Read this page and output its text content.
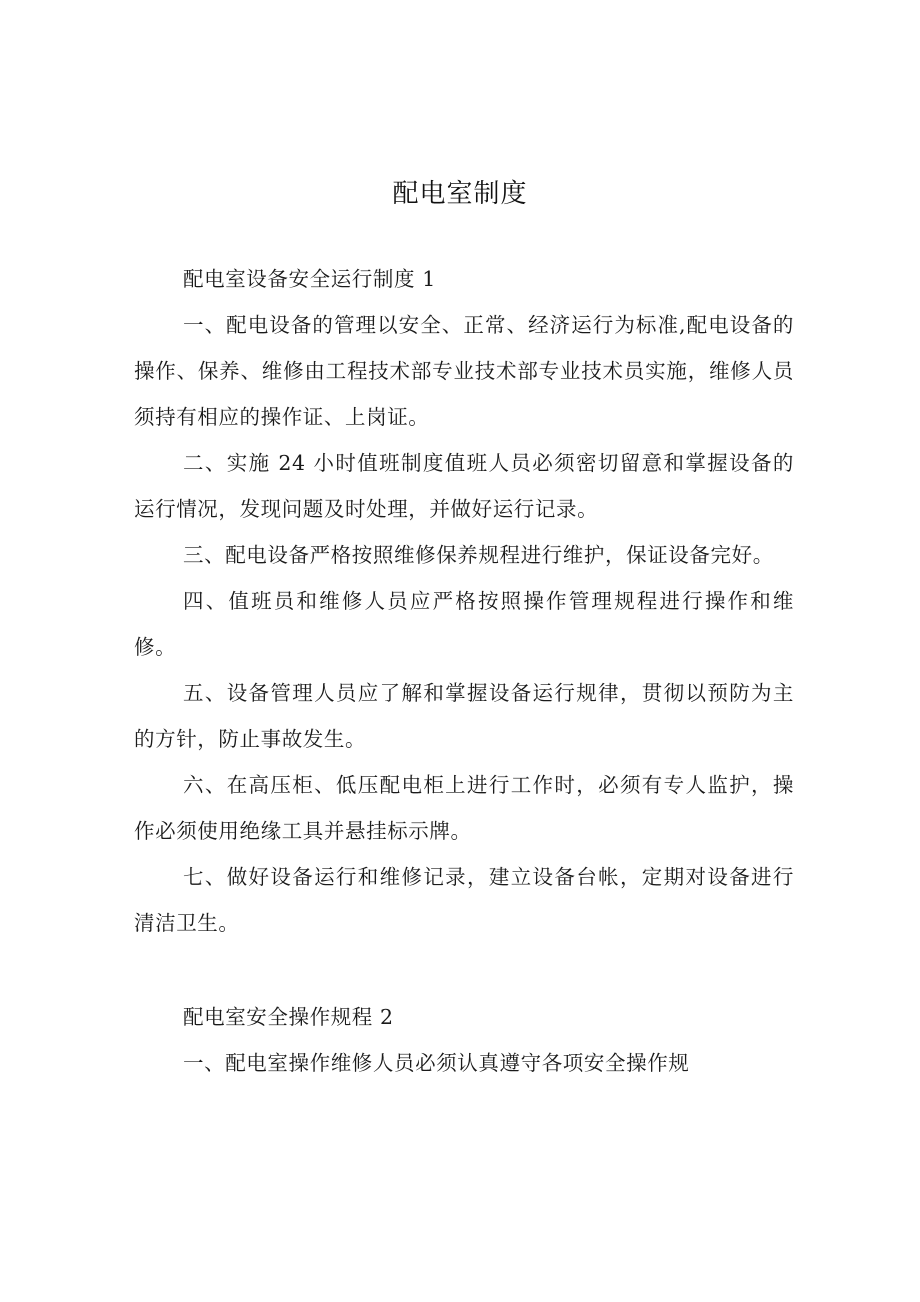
配电室制度

配电室设备安全运行制度 1

一、配电设备的管理以安全、正常、经济运行为标准,配电设备的操作、保养、维修由工程技术部专业技术部专业技术员实施，维修人员须持有相应的操作证、上岗证。

二、实施 24 小时值班制度值班人员必须密切留意和掌握设备的运行情况，发现问题及时处理，并做好运行记录。

三、配电设备严格按照维修保养规程进行维护，保证设备完好。

四、值班员和维修人员应严格按照操作管理规程进行操作和维修。

五、设备管理人员应了解和掌握设备运行规律，贯彻以预防为主的方针，防止事故发生。

六、在高压柜、低压配电柜上进行工作时，必须有专人监护，操作必须使用绝缘工具并悬挂标示牌。

七、做好设备运行和维修记录，建立设备台帐，定期对设备进行清洁卫生。

配电室安全操作规程 2

一、配电室操作维修人员必须认真遵守各项安全操作规
